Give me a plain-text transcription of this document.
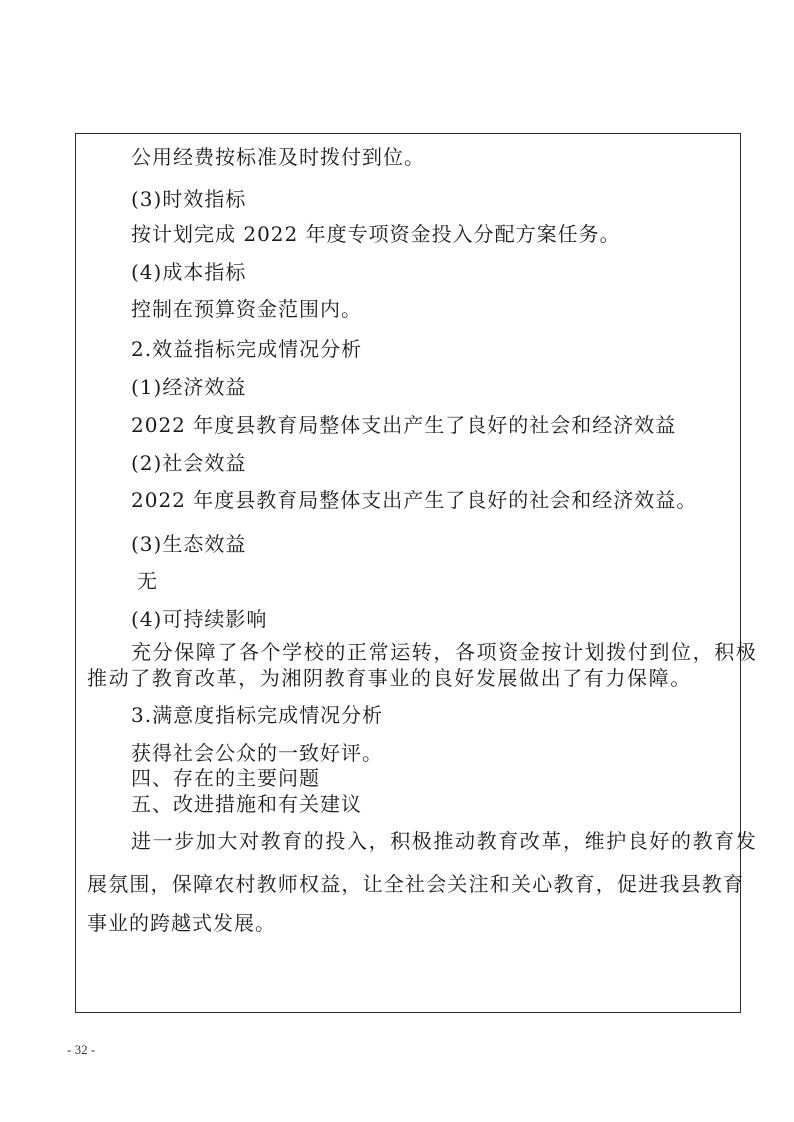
公用经费按标准及时拨付到位。
(3)时效指标
按计划完成 2022 年度专项资金投入分配方案任务。
(4)成本指标
控制在预算资金范围内。
2.效益指标完成情况分析
(1)经济效益
2022 年度县教育局整体支出产生了良好的社会和经济效益
(2)社会效益
2022 年度县教育局整体支出产生了良好的社会和经济效益。
(3)生态效益
无
(4)可持续影响
充分保障了各个学校的正常运转，各项资金按计划拨付到位，积极
推动了教育改革，为湘阴教育事业的良好发展做出了有力保障。
3.满意度指标完成情况分析
获得社会公众的一致好评。
四、存在的主要问题
五、改进措施和有关建议
进一步加大对教育的投入，积极推动教育改革，维护良好的教育发
展氛围，保障农村教师权益，让全社会关注和关心教育，促进我县教育
事业的跨越式发展。
- 32 -
